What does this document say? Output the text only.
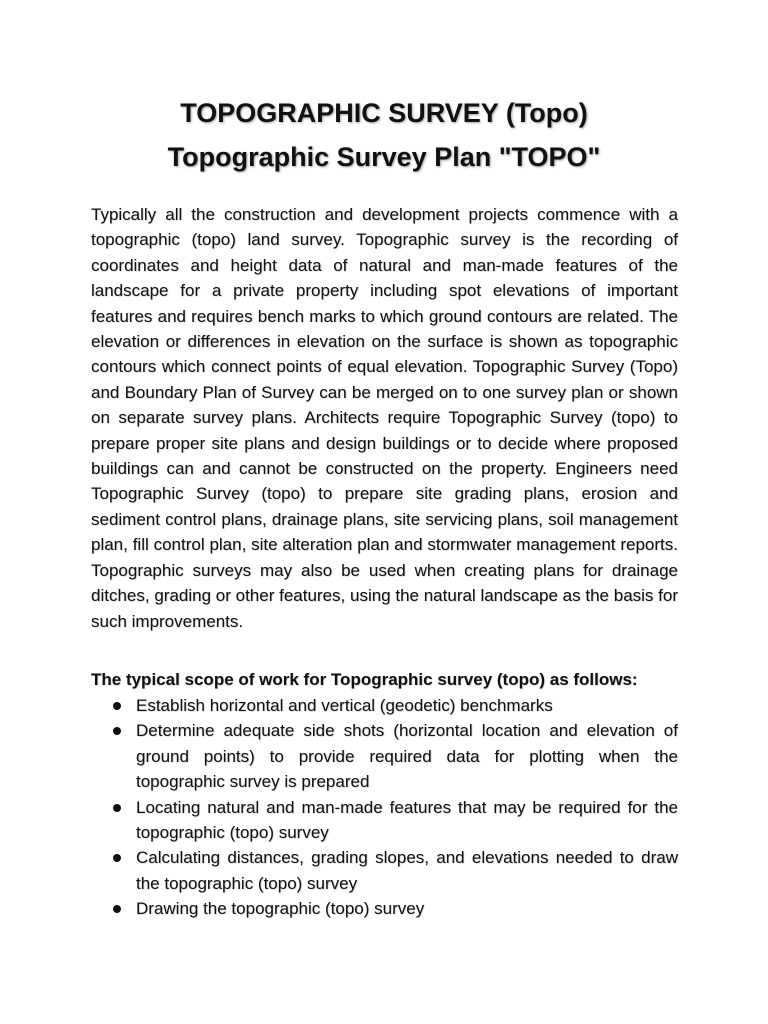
TOPOGRAPHIC SURVEY (Topo)
Topographic Survey Plan "TOPO"

Typically all the construction and development projects commence with a topographic (topo) land survey. Topographic survey is the recording of coordinates and height data of natural and man-made features of the landscape for a private property including spot elevations of important features and requires bench marks to which ground contours are related. The elevation or differences in elevation on the surface is shown as topographic contours which connect points of equal elevation. Topographic Survey (Topo) and Boundary Plan of Survey can be merged on to one survey plan or shown on separate survey plans. Architects require Topographic Survey (topo) to prepare proper site plans and design buildings or to decide where proposed buildings can and cannot be constructed on the property. Engineers need Topographic Survey (topo) to prepare site grading plans, erosion and sediment control plans, drainage plans, site servicing plans, soil management plan, fill control plan, site alteration plan and stormwater management reports. Topographic surveys may also be used when creating plans for drainage ditches, grading or other features, using the natural landscape as the basis for such improvements.

The typical scope of work for Topographic survey (topo) as follows:

Establish horizontal and vertical (geodetic) benchmarks
Determine adequate side shots (horizontal location and elevation of ground points) to provide required data for plotting when the topographic survey is prepared
Locating natural and man-made features that may be required for the topographic (topo) survey
Calculating distances, grading slopes, and elevations needed to draw the topographic (topo) survey
Drawing the topographic (topo) survey
